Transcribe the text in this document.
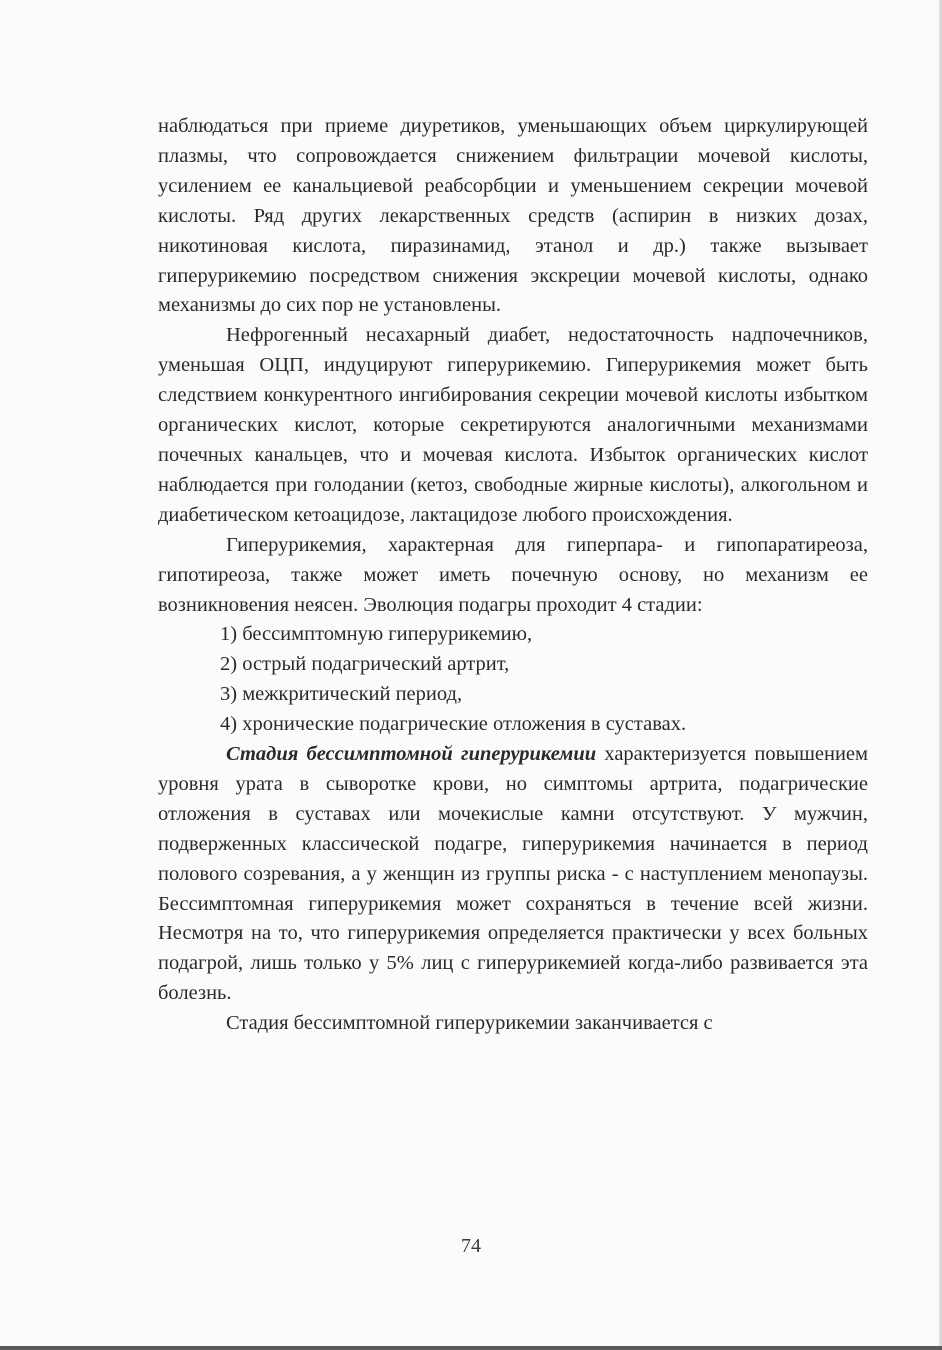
наблюдаться при приеме диуретиков, уменьшающих объем циркулирующей плазмы, что сопровождается снижением фильтрации мочевой кислоты, усилением ее канальциевой реабсорбции и уменьшением секреции мочевой кислоты. Ряд других лекарственных средств (аспирин в низких дозах, никотиновая кислота, пиразинамид, этанол и др.) также вызывает гиперурикемию посредством снижения экскреции мочевой кислоты, однако механизмы до сих пор не установлены.

Нефрогенный несахарный диабет, недостаточность надпочечников, уменьшая ОЦП, индуцируют гиперурикемию. Гиперурикемия может быть следствием конкурентного ингибирования секреции мочевой кислоты избытком органических кислот, которые секретируются аналогичными механизмами почечных канальцев, что и мочевая кислота. Избыток органических кислот наблюдается при голодании (кетоз, свободные жирные кислоты), алкогольном и диабетическом кетоацидозе, лактацидозе любого происхождения.

Гиперурикемия, характерная для гиперпара- и гипопаратиреоза, гипотиреоза, также может иметь почечную основу, но механизм ее возникновения неясен. Эволюция подагры проходит 4 стадии:

1) бессимптомную гиперурикемию,

2) острый подагрический артрит,

3) межкритический период,

4) хронические подагрические отложения в суставах.

Стадия бессимптомной гиперурикемии характеризуется повышением уровня урата в сыворотке крови, но симптомы артрита, подагрические отложения в суставах или мочекислые камни отсутствуют. У мужчин, подверженных классической подагре, гиперурикемия начинается в период полового созревания, а у женщин из группы риска - с наступлением менопаузы. Бессимптомная гиперурикемия может сохраняться в течение всей жизни. Несмотря на то, что гиперурикемия определяется практически у всех больных подагрой, лишь только у 5% лиц с гиперурикемией когда-либо развивается эта болезнь.

Стадия бессимптомной гиперурикемии заканчивается с

74
